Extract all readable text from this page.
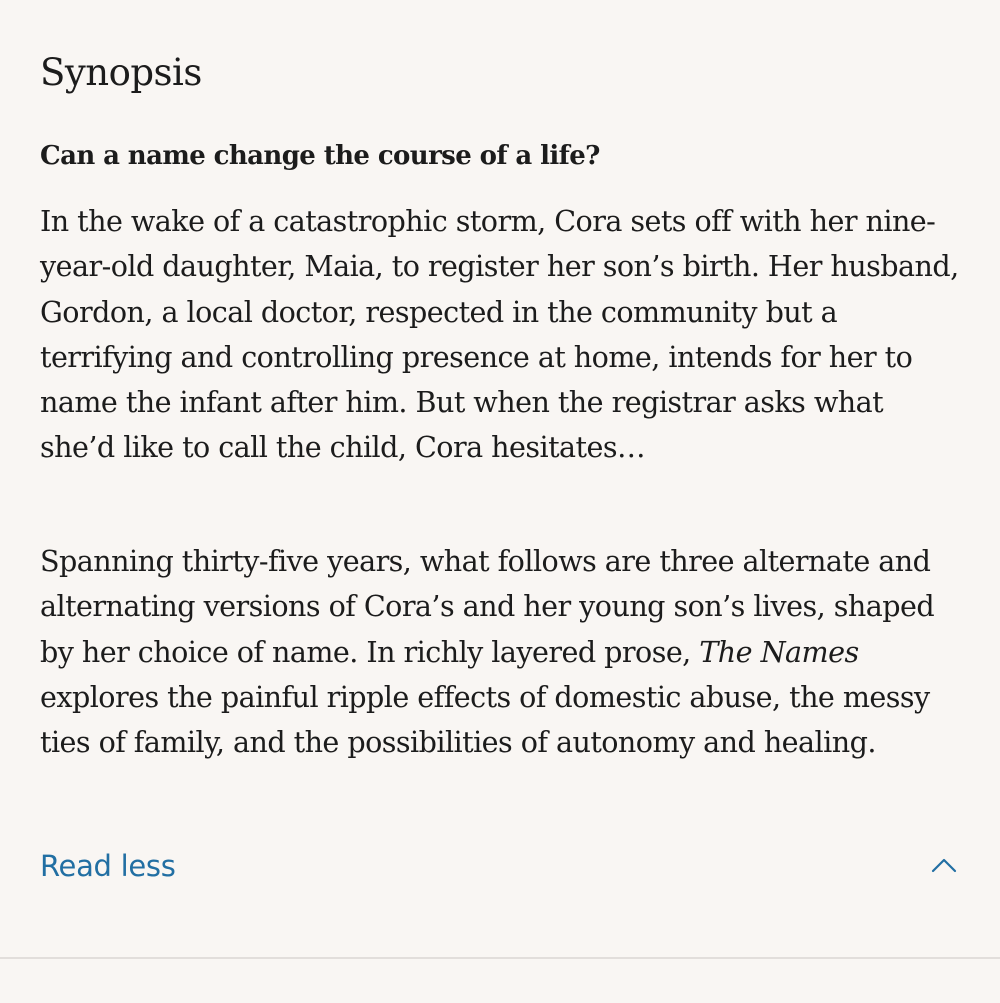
Synopsis
Can a name change the course of a life?

In the wake of a catastrophic storm, Cora sets off with her nine-year-old daughter, Maia, to register her son’s birth. Her husband, Gordon, a local doctor, respected in the community but a terrifying and controlling presence at home, intends for her to name the infant after him. But when the registrar asks what she’d like to call the child, Cora hesitates…

Spanning thirty-five years, what follows are three alternate and alternating versions of Cora’s and her young son’s lives, shaped by her choice of name. In richly layered prose, The Names explores the painful ripple effects of domestic abuse, the messy ties of family, and the possibilities of autonomy and healing.

Read less
